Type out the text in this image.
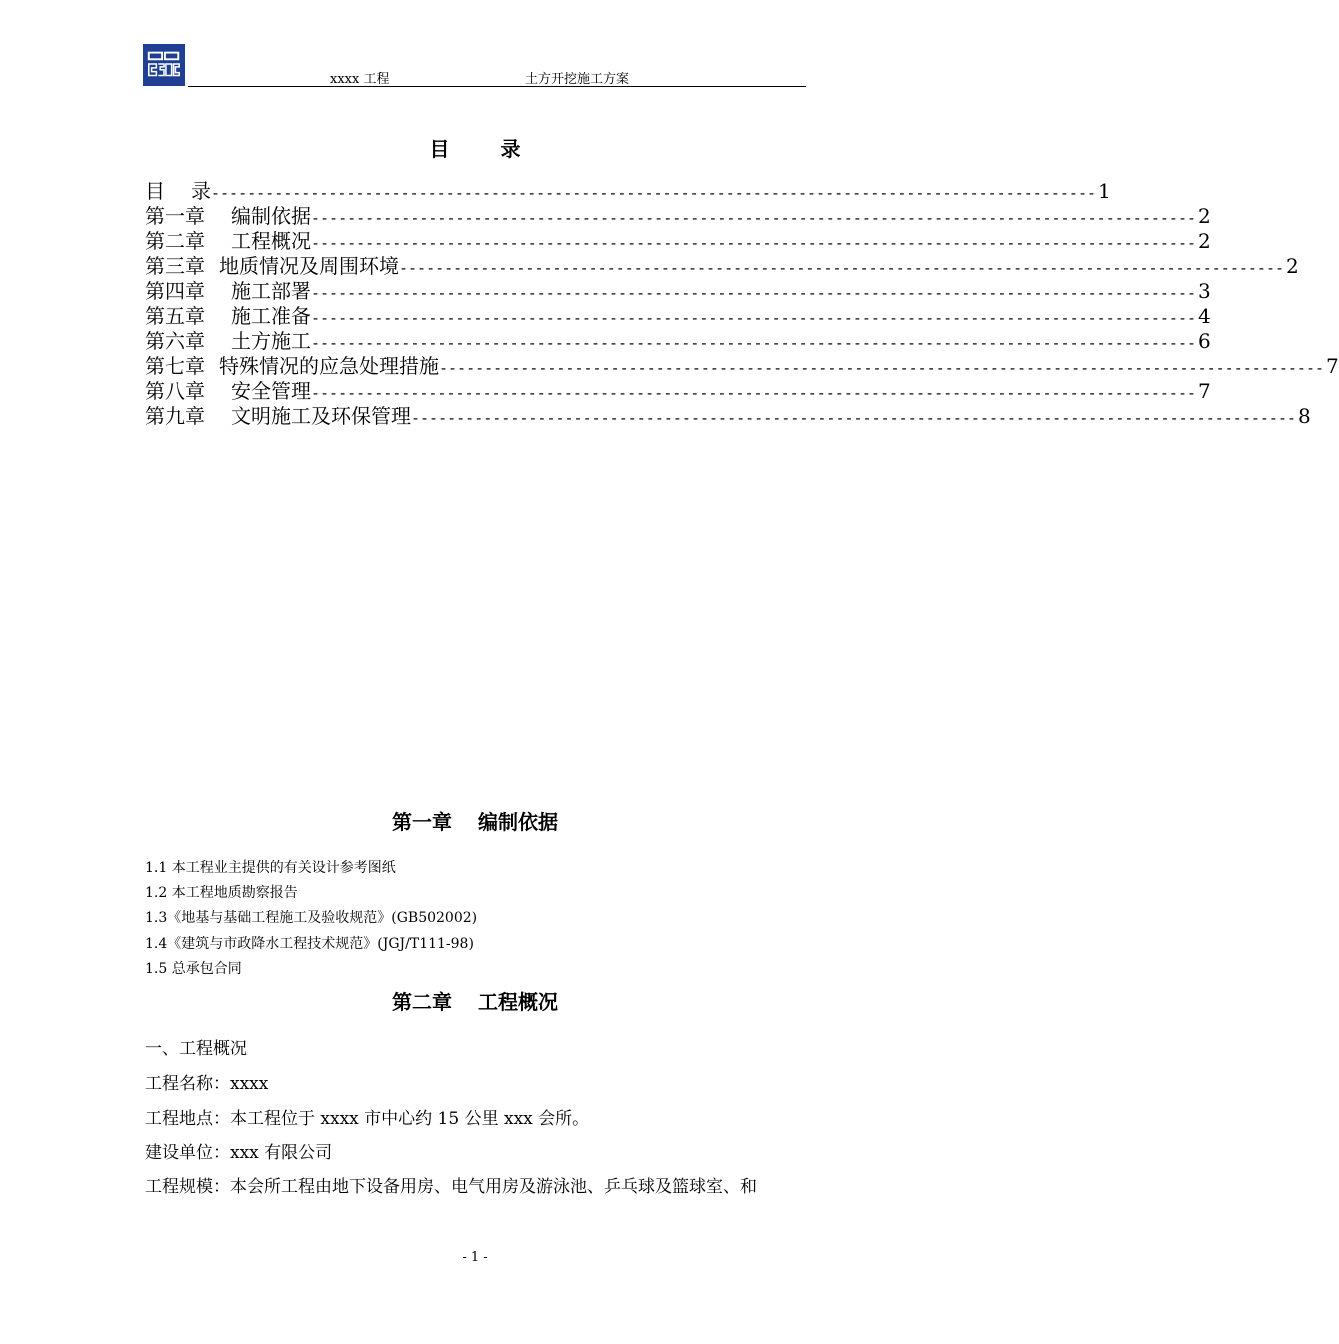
xxxx 工程	土方开挖施工方案
目 录
目	录 -------------------------------------------------------------------------------------------------- 1
第一章	编制依据 -------------------------------------------------------------------------------------------------- 2
第二章	工程概况 -------------------------------------------------------------------------------------------------- 2
第三章 地质情况及周围环境 -------------------------------------------------------------------------------------------------- 2
第四章	施工部署 -------------------------------------------------------------------------------------------------- 3
第五章	施工准备 -------------------------------------------------------------------------------------------------- 4
第六章	土方施工 -------------------------------------------------------------------------------------------------- 6
第七章 特殊情况的应急处理措施 -------------------------------------------------------------------------------------------------- 7
第八章	安全管理 -------------------------------------------------------------------------------------------------- 7
第九章	文明施工及环保管理 -------------------------------------------------------------------------------------------------- 8
第一章 编制依据
1.1 本工程业主提供的有关设计参考图纸
1.2 本工程地质勘察报告
1.3《地基与基础工程施工及验收规范》(GB502002)
1.4《建筑与市政降水工程技术规范》(JGJ/T111-98)
1.5 总承包合同
第二章 工程概况
一、工程概况
工程名称：xxxx
工程地点：本工程位于 xxxx 市中心约 15 公里 xxx 会所。
建设单位：xxx 有限公司
工程规模：本会所工程由地下设备用房、电气用房及游泳池、乒乓球及篮球室、和
- 1 -
